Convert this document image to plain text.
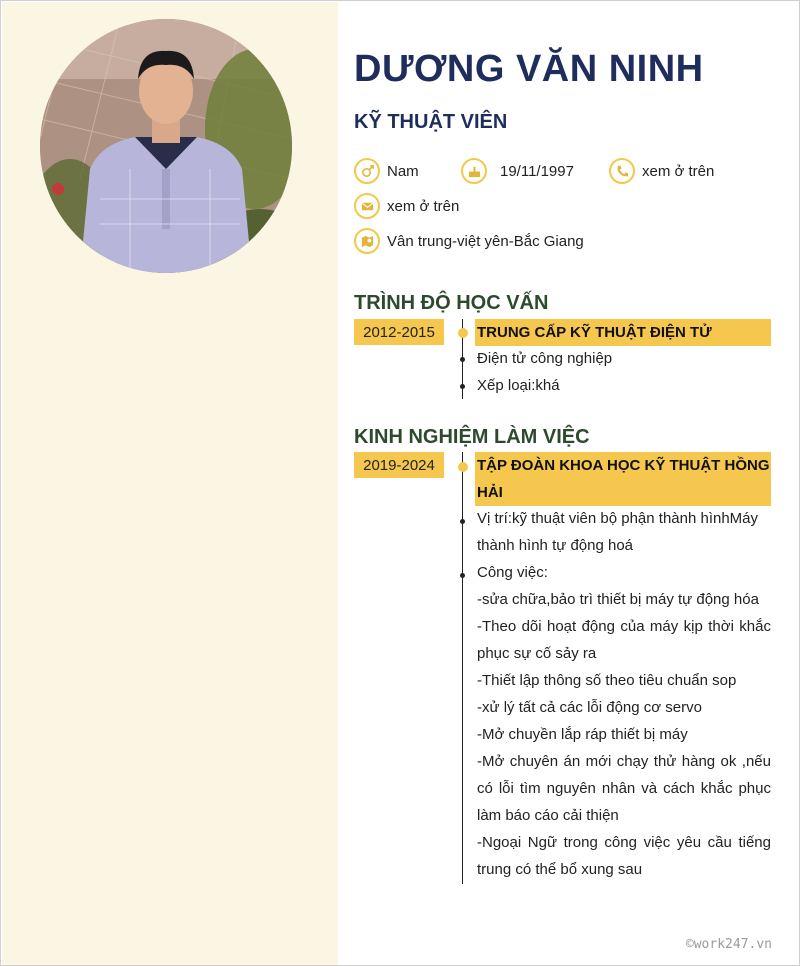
DƯƠNG VĂN NINH
KỸ THUẬT VIÊN
Nam	19/11/1997	xem ở trên
xem ở trên
Vân trung-việt yên-Bắc Giang
TRÌNH ĐỘ HỌC VẤN
2012-2015	TRUNG CẤP KỸ THUẬT ĐIỆN TỬ
Điện tử công nghiệp
Xếp loại:khá
KINH NGHIỆM LÀM VIỆC
2019-2024	TẬP ĐOÀN KHOA HỌC KỸ THUẬT HỒNG
HẢI
Vị trí:kỹ thuật viên bộ phận thành hìnhMáy
thành hình tự động hoá
Công việc:
-sửa chữa,bảo trì thiết bị máy tự động hóa
-Theo dõi hoạt động của máy kịp thời khắc phục sự cố sảy ra
-Thiết lập thông số theo tiêu chuẩn sop
-xử lý tất cả các lỗi động cơ servo
-Mở chuyền lắp ráp thiết bị máy
-Mở chuyên án mới chạy thử hàng ok ,nếu có lỗi tìm nguyên nhân và cách khắc phục làm báo cáo cải thiện
-Ngoại Ngữ trong công việc yêu cầu tiếng trung có thể bổ xung sau
©work247.vn
